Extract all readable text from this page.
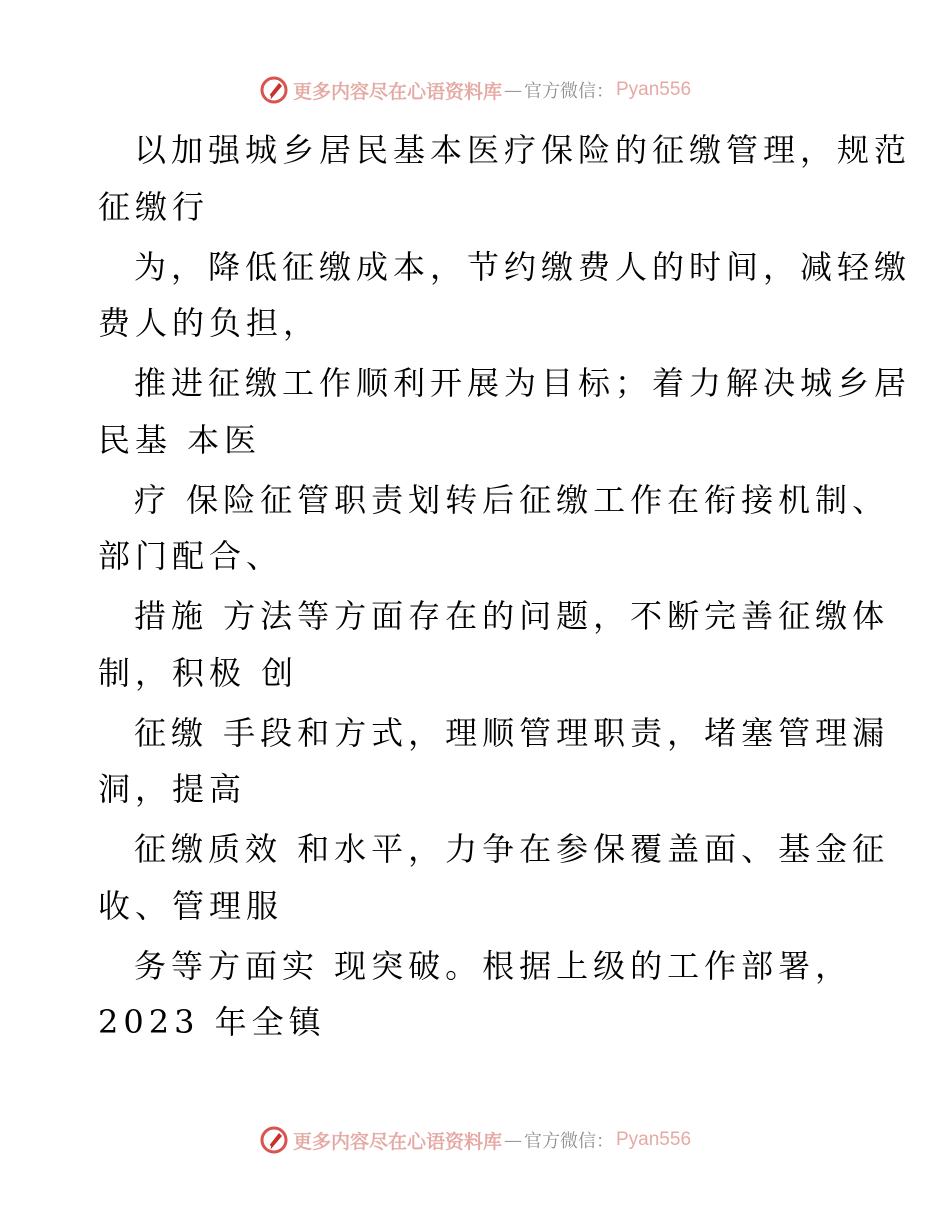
更多内容尽在心语资料库 — 官方微信： Pyan556
以加强城乡居民基本医疗保险的征缴管理，规范
征缴行
为，降低征缴成本，节约缴费人的时间，减轻缴
费人的负担，
推进征缴工作顺利开展为目标；着力解决城乡居
民基 本医
疗 保险征管职责划转后征缴工作在衔接机制、
部门配合、
措施 方法等方面存在的问题，不断完善征缴体
制，积极 创
征缴 手段和方式，理顺管理职责，堵塞管理漏
洞，提高
征缴质效 和水平，力争在参保覆盖面、基金征
收、管理服
务等方面实 现突破。根据上级的工作部署，
2023 年全镇
更多内容尽在心语资料库 — 官方微信： Pyan556
